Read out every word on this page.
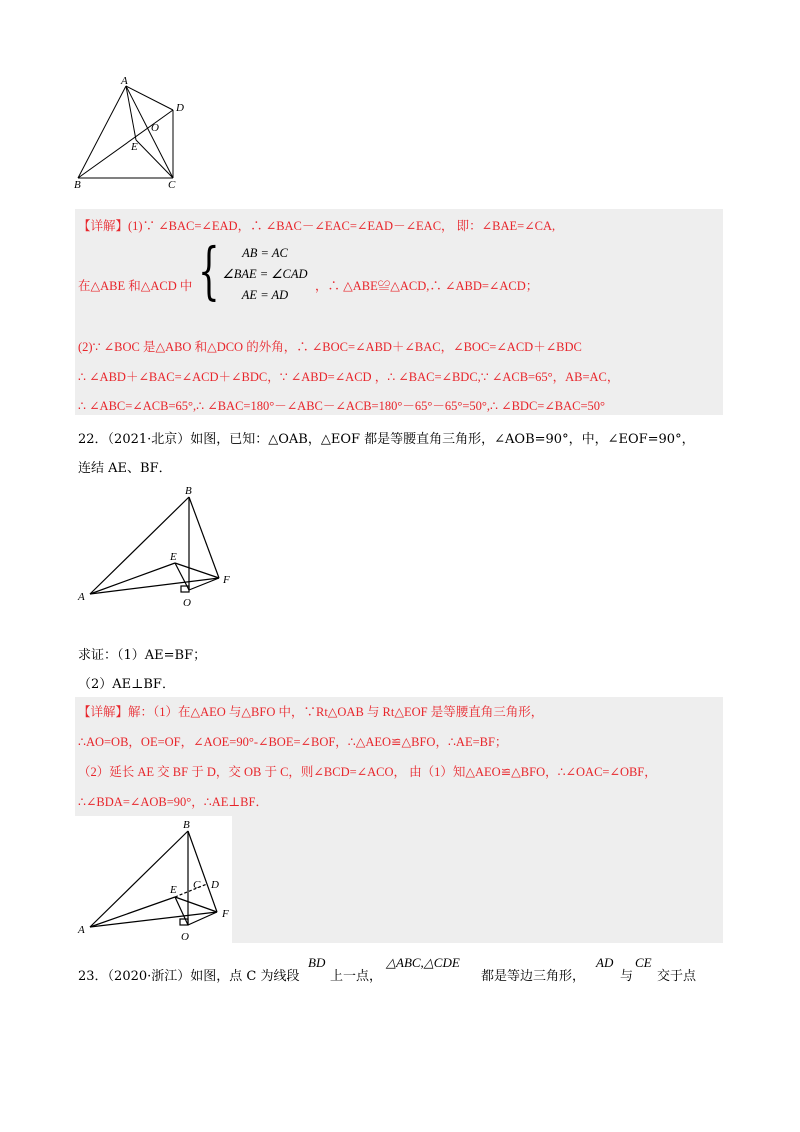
A
B	C
D
E
O
【详解】(1)∵ ∠BAC=∠EAD，∴ ∠BAC－∠EAC=∠EAD－∠EAC， 即：∠BAE=∠CA,
在△ABE 和△ACD 中 {	AB = AC
∠BAE = ∠CAD
AE = AD
，∴ △ABE≌△ACD,∴ ∠ABD=∠ACD；
(2)∵ ∠BOC 是△ABO 和△DCO 的外角，∴ ∠BOC=∠ABD＋∠BAC，∠BOC=∠ACD＋∠BDC
∴ ∠ABD＋∠BAC=∠ACD＋∠BDC，∵ ∠ABD=∠ACD ，∴ ∠BAC=∠BDC,∵ ∠ACB=65°，AB=AC，
∴ ∠ABC=∠ACB=65°,∴ ∠BAC=180°－∠ABC－∠ACB=180°－65°－65°=50°,∴ ∠BDC=∠BAC=50°
22．（2021·北京）如图，已知：△OAB，△EOF 都是等腰直角三角形，∠AOB=90°，中，∠EOF=90°，
连结 AE、BF．
B
E
F
A	O
求证：（1）AE=BF；
（2）AE⊥BF．
【详解】解：（1）在△AEO 与△BFO 中，∵Rt△OAB 与 Rt△EOF 是等腰直角三角形，
∴AO=OB，OE=OF，∠AOE=90°-∠BOE=∠BOF，∴△AEO≌△BFO，∴AE=BF；
（2）延长 AE 交 BF 于 D，交 OB 于 C，则∠BCD=∠ACO， 由（1）知△AEO≌△BFO，∴∠OAC=∠OBF，
∴∠BDA=∠AOB=90°，∴AE⊥BF．
B
C D
E
F
A
O
23．（2020·浙江）如图，点 C 为线段
BD
上一点，
△ABC,△CDE
都是等边三角形，
AD
与
CE
交于点
